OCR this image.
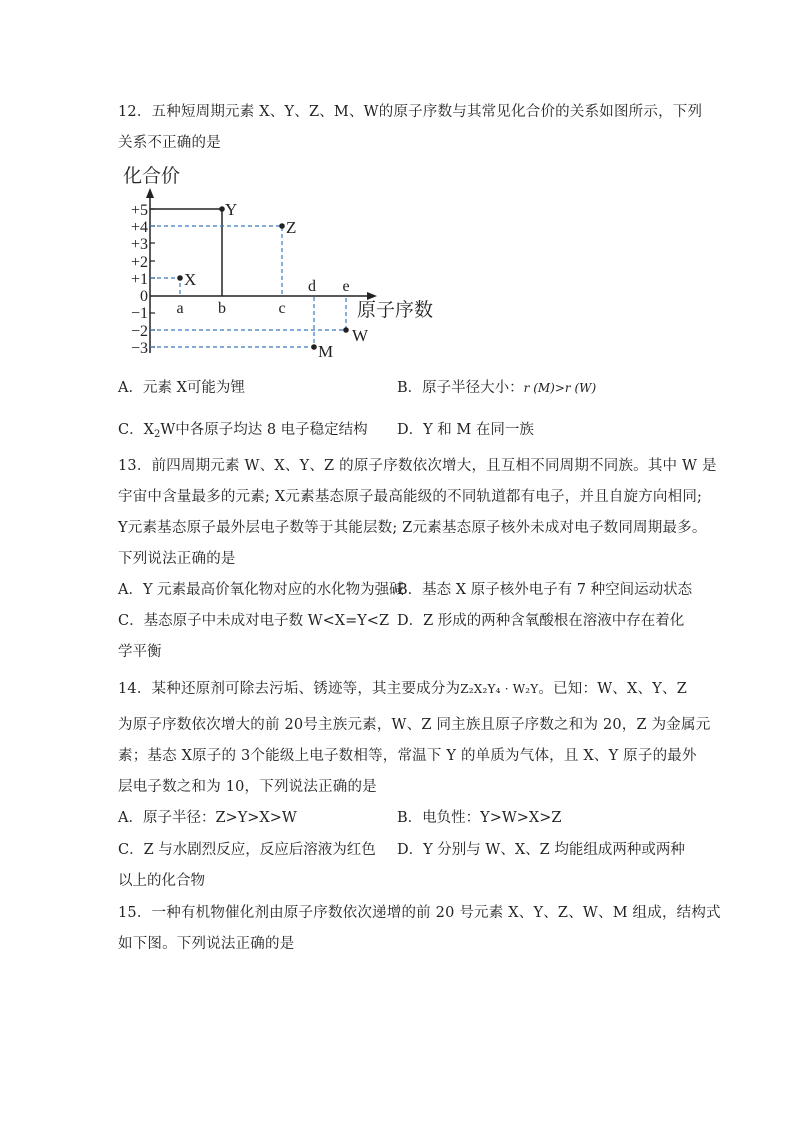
12．五种短周期元素 X、Y、Z、M、W的原子序数与其常见化合价的关系如图所示，下列
关系不正确的是
化合价
+5
+4
+3
+2
+1
0
−1
−2
−3
X
Y
Z
M
W
a b	c
d e
原子序数
A．元素 X可能为锂	B．原子半径大小：r (M)>r (W)
C．$X_2W$中各原子均达 8 电子稳定结构 D．Y 和 M 在同一族
13．前四周期元素 W、X、Y、Z 的原子序数依次增大，且互相不同周期不同族。其中 W 是
宇宙中含量最多的元素; X元素基态原子最高能级的不同轨道都有电子，并且自旋方向相同;
Y元素基态原子最外层电子数等于其能层数; Z元素基态原子核外未成对电子数同周期最多。
下列说法正确的是
A．Y 元素最高价氧化物对应的水化物为强碱
B．基态 X 原子核外电子有 7 种空间运动状态
C．基态原子中未成对电子数 W<X=Y<Z D．Z 形成的两种含氧酸根在溶液中存在着化
学平衡
14．某种还原剂可除去污垢、锈迹等，其主要成分为Z₂X₂Y₄ · W₂Y。已知：W、X、Y、Z
为原子序数依次增大的前 20号主族元素，W、Z 同主族且原子序数之和为 20，Z 为金属元
素；基态 X原子的 3个能级上电子数相等，常温下 Y 的单质为气体，且 X、Y 原子的最外
层电子数之和为 10，下列说法正确的是
A．原子半径：Z>Y>X>W	B．电负性：Y>W>X>Z
C．Z 与水剧烈反应，反应后溶液为红色 D．Y 分别与 W、X、Z 均能组成两种或两种
以上的化合物
15．一种有机物催化剂由原子序数依次递增的前 20 号元素 X、Y、Z、W、M 组成，结构式
如下图。下列说法正确的是
